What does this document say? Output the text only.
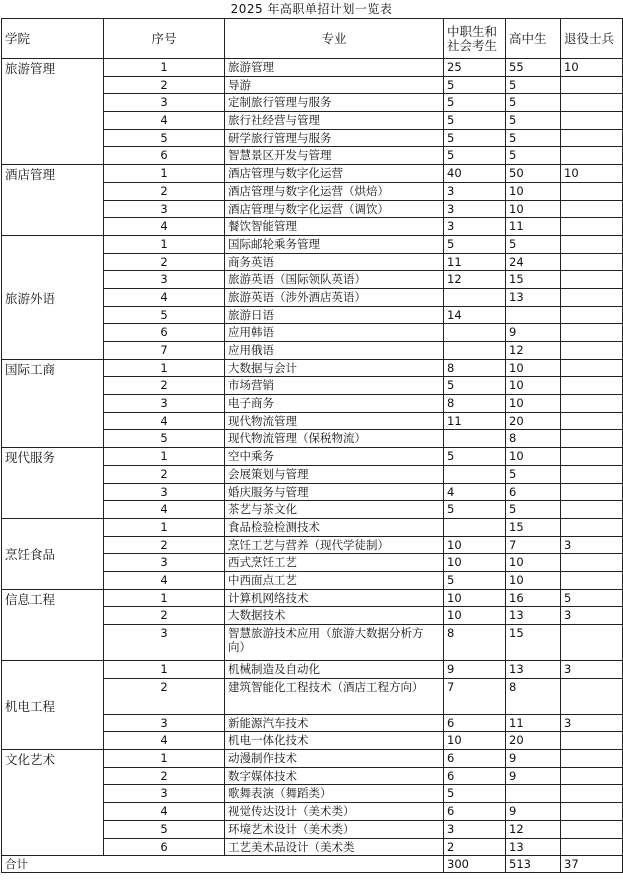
2025 年高职单招计划一览表
学院	序号	专业	中职生和社会考生	高中生	退役士兵
旅游管理	1	旅游管理	25	55	10
	2	导游	5	5	
	3	定制旅行管理与服务	5	5	
	4	旅行社经营与管理	5	5	
	5	研学旅行管理与服务	5	5	
	6	智慧景区开发与管理	5	5	
酒店管理	1	酒店管理与数字化运营	40	50	10
	2	酒店管理与数字化运营（烘焙）	3	10	
	3	酒店管理与数字化运营（调饮）	3	10	
	4	餐饮智能管理	3	11	
旅游外语	1	国际邮轮乘务管理	5	5	
	2	商务英语	11	24	
	3	旅游英语（国际领队英语）	12	15	
	4	旅游英语（涉外酒店英语）		13	
	5	旅游日语	14		
	6	应用韩语		9	
	7	应用俄语		12	
国际工商	1	大数据与会计	8	10	
	2	市场营销	5	10	
	3	电子商务	8	10	
	4	现代物流管理	11	20	
	5	现代物流管理（保税物流）		8	
现代服务	1	空中乘务	5	10	
	2	会展策划与管理		5	
	3	婚庆服务与管理	4	6	
	4	茶艺与茶文化	5	5	
烹饪食品	1	食品检验检测技术		15	
	2	烹饪工艺与营养（现代学徒制）	10	7	3
	3	西式烹饪工艺	10	10	
	4	中西面点工艺	5	10	
信息工程	1	计算机网络技术	10	16	5
	2	大数据技术	10	13	3
	3	智慧旅游技术应用（旅游大数据分析方向）	8	15	
机电工程	1	机械制造及自动化	9	13	3
	2	建筑智能化工程技术（酒店工程方向）	7	8	
	3	新能源汽车技术	6	11	3
	4	机电一体化技术	10	20	
文化艺术	1	动漫制作技术	6	9	
	2	数字媒体技术	6	9	
	3	歌舞表演（舞蹈类）	5		
	4	视觉传达设计（美术类）	6	9	
	5	环境艺术设计（美术类）	3	12	
	6	工艺美术品设计（美术类	2	13	
合计			300	513	37
